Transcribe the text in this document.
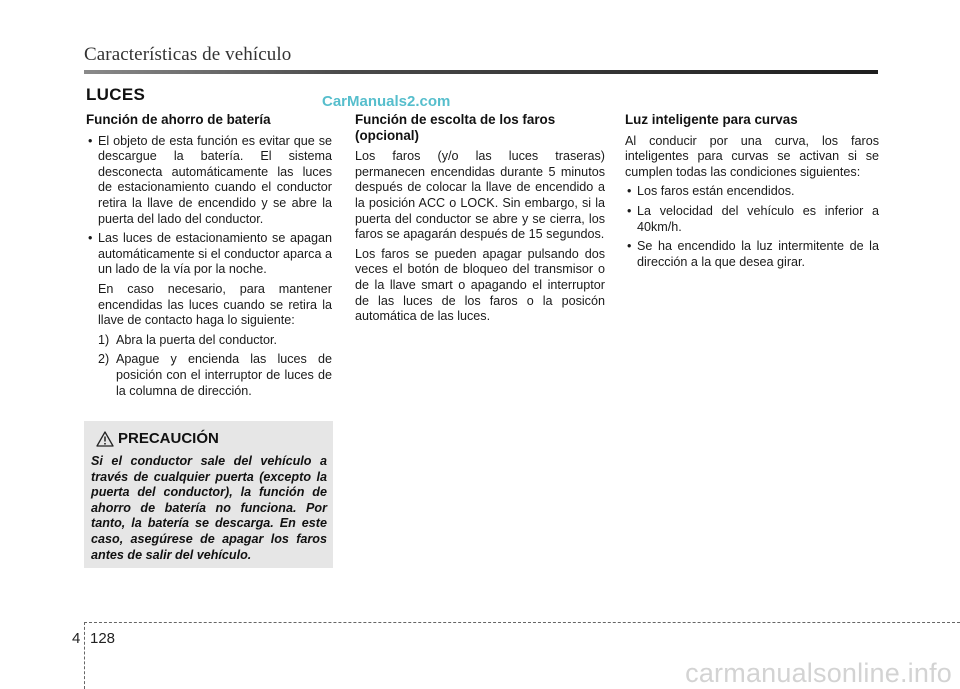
Características de vehículo
LUCES	CarManuals2.com
Función de ahorro de batería
• El objeto de esta función es evitar que se descargue la batería. El sistema desconecta automáticamente las luces de estacionamiento cuando el conductor retira la llave de encendido y se abre la puerta del lado del conductor.
• Las luces de estacionamiento se apagan automáticamente si el conductor aparca a un lado de la vía por la noche.

En caso necesario, para mantener encendidas las luces cuando se retira la llave de contacto haga lo siguiente:

1) Abra la puerta del conductor.
2) Apague y encienda las luces de posición con el interruptor de luces de la columna de dirección.
PRECAUCIÓN

Si el conductor sale del vehículo a través de cualquier puerta (excepto la puerta del conductor), la función de ahorro de batería no funciona. Por tanto, la batería se descarga. En este caso, asegúrese de apagar los faros antes de salir del vehículo.

Función de escolta de los faros (opcional)

Los faros (y/o las luces traseras) permanecen encendidas durante 5 minutos después de colocar la llave de encendido a la posición ACC o LOCK. Sin embargo, si la puerta del conductor se abre y se cierra, los faros se apagarán después de 15 segundos.

Los faros se pueden apagar pulsando dos veces el botón de bloqueo del transmisor o de la llave smart o apagando el interruptor de las luces de los faros o la posicón automática de las luces.

Luz inteligente para curvas

Al conducir por una curva, los faros inteligentes para curvas se activan si se cumplen todas las condiciones siguientes:

• Los faros están encendidos.
• La velocidad del vehículo es inferior a 40km/h.
• Se ha encendido la luz intermitente de la dirección a la que desea girar.
4 128
carmanualsonline.info
